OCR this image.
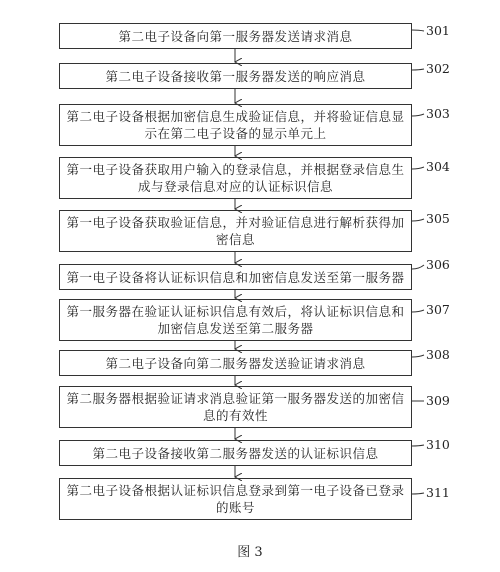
第二电子设备向第一服务器发送请求消息
第二电子设备接收第一服务器发送的响应消息
第二电子设备根据加密信息生成验证信息，并将验证信息显示在第二电子设备的显示单元上
第一电子设备获取用户输入的登录信息，并根据登录信息生成与登录信息对应的认证标识信息
第一电子设备获取验证信息，并对验证信息进行解析获得加密信息
第一电子设备将认证标识信息和加密信息发送至第一服务器
第一服务器在验证认证标识信息有效后，将认证标识信息和加密信息发送至第二服务器
第二电子设备向第二服务器发送验证请求消息
第二服务器根据验证请求消息验证第一服务器发送的加密信息的有效性
第二电子设备接收第二服务器发送的认证标识信息
第二电子设备根据认证标识信息登录到第一电子设备已登录的账号
301
302
303
304
305
306
307
308
309
310
311
图 3
